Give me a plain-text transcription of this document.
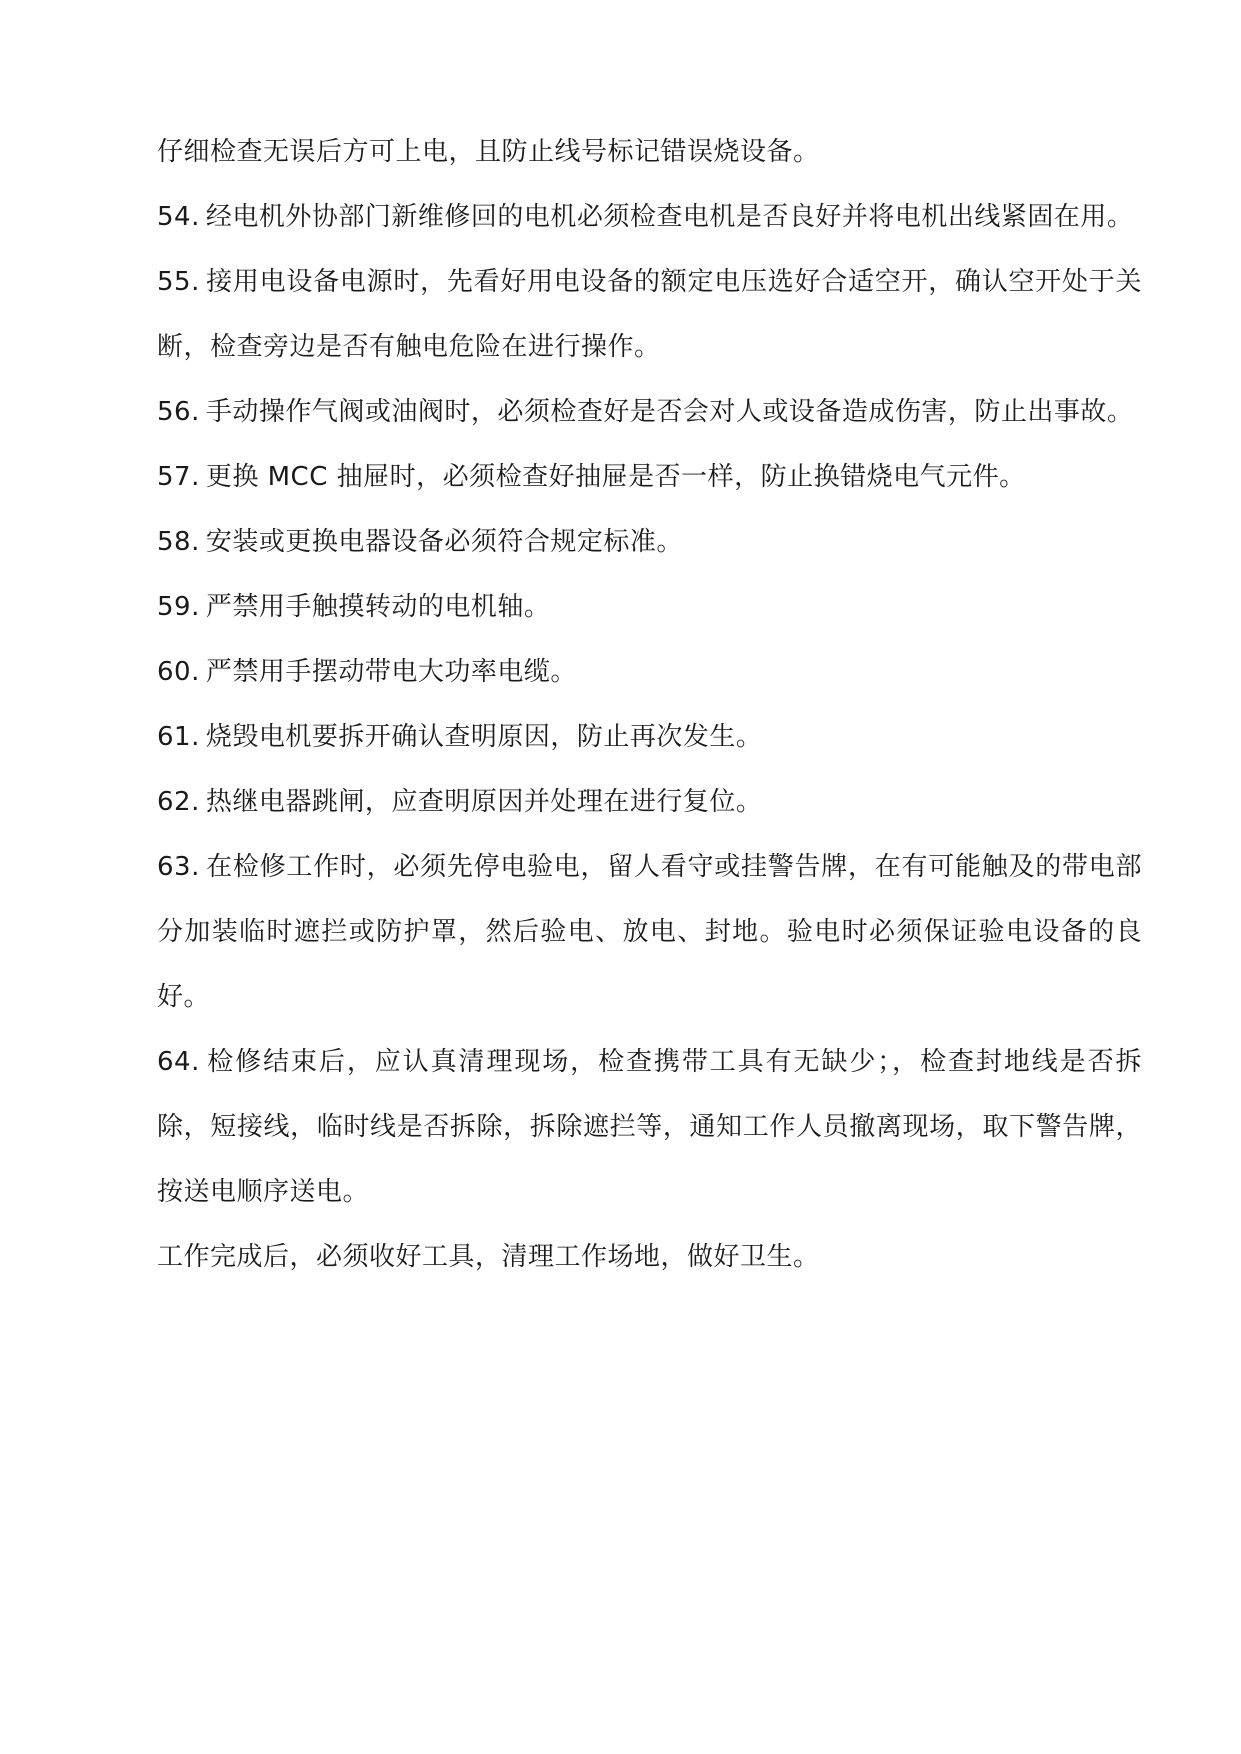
仔细检查无误后方可上电，且防止线号标记错误烧设备。

54. 经电机外协部门新维修回的电机必须检查电机是否良好并将电机出线紧固在用。

55. 接用电设备电源时，先看好用电设备的额定电压选好合适空开，确认空开处于关断，检查旁边是否有触电危险在进行操作。

56. 手动操作气阀或油阀时，必须检查好是否会对人或设备造成伤害，防止出事故。

57. 更换 MCC 抽屉时，必须检查好抽屉是否一样，防止换错烧电气元件。

58. 安装或更换电器设备必须符合规定标准。

59. 严禁用手触摸转动的电机轴。

60. 严禁用手摆动带电大功率电缆。

61. 烧毁电机要拆开确认查明原因，防止再次发生。

62. 热继电器跳闸，应查明原因并处理在进行复位。

63. 在检修工作时，必须先停电验电，留人看守或挂警告牌，在有可能触及的带电部分加装临时遮拦或防护罩，然后验电、放电、封地。验电时必须保证验电设备的良好。

64. 检修结束后，应认真清理现场，检查携带工具有无缺少；，检查封地线是否拆除，短接线，临时线是否拆除，拆除遮拦等，通知工作人员撤离现场，取下警告牌，按送电顺序送电。

工作完成后，必须收好工具，清理工作场地，做好卫生。
